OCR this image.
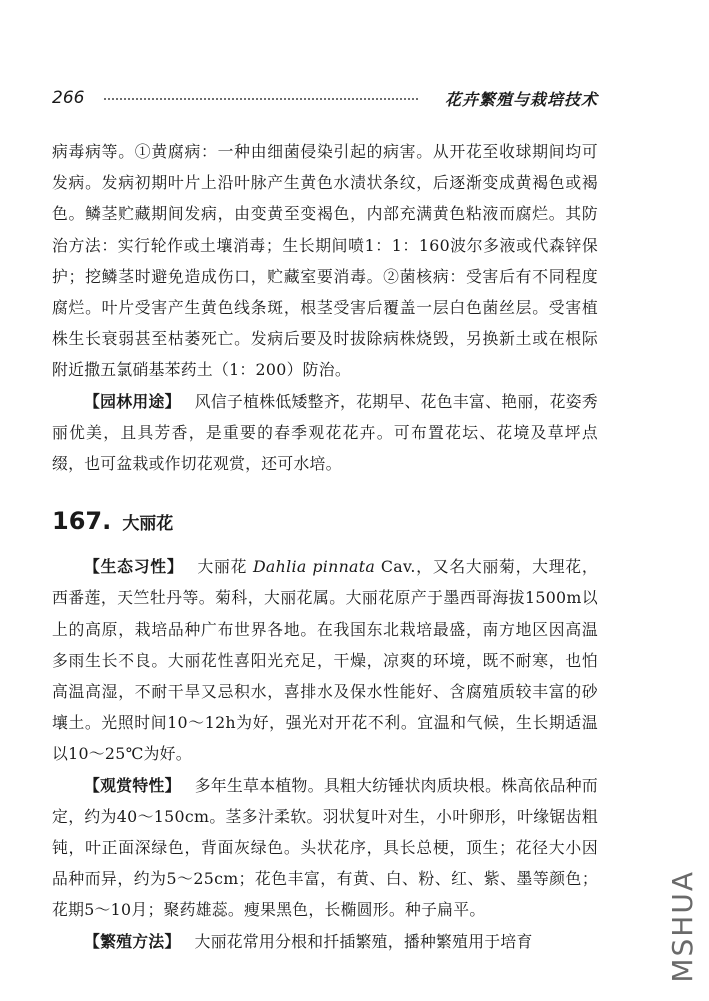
266	花卉繁殖与栽培技术

病毒病等。①黄腐病：一种由细菌侵染引起的病害。从开花至收球期间均可发病。发病初期叶片上沿叶脉产生黄色水渍状条纹，后逐渐变成黄褐色或褐色。鳞茎贮藏期间发病，由变黄至变褐色，内部充满黄色粘液而腐烂。其防治方法：实行轮作或土壤消毒；生长期间喷1：1：160波尔多液或代森锌保护；挖鳞茎时避免造成伤口，贮藏室要消毒。②菌核病：受害后有不同程度腐烂。叶片受害产生黄色线条斑，根茎受害后覆盖一层白色菌丝层。受害植株生长衰弱甚至枯萎死亡。发病后要及时拔除病株烧毁，另换新土或在根际附近撒五氯硝基苯药土（1：200）防治。

【园林用途】 风信子植株低矮整齐，花期早、花色丰富、艳丽，花姿秀丽优美，且具芳香，是重要的春季观花花卉。可布置花坛、花境及草坪点缀，也可盆栽或作切花观赏，还可水培。

167. 大丽花

【生态习性】 大丽花 Dahlia pinnata Cav.，又名大丽菊，大理花，西番莲，天竺牡丹等。菊科，大丽花属。大丽花原产于墨西哥海拔1500m以上的高原，栽培品种广布世界各地。在我国东北栽培最盛，南方地区因高温多雨生长不良。大丽花性喜阳光充足，干燥，凉爽的环境，既不耐寒，也怕高温高湿，不耐干旱又忌积水，喜排水及保水性能好、含腐殖质较丰富的砂壤土。光照时间10～12h为好，强光对开花不利。宜温和气候，生长期适温以10～25℃为好。

【观赏特性】 多年生草本植物。具粗大纺锤状肉质块根。株高依品种而定，约为40～150cm。茎多汁柔软。羽状复叶对生，小叶卵形，叶缘锯齿粗钝，叶正面深绿色，背面灰绿色。头状花序，具长总梗，顶生；花径大小因品种而异，约为5～25cm；花色丰富，有黄、白、粉、红、紫、墨等颜色；花期5～10月；聚药雄蕊。瘦果黑色，长椭圆形。种子扁平。

【繁殖方法】 大丽花常用分根和扦插繁殖，播种繁殖用于培育	MSHUA
